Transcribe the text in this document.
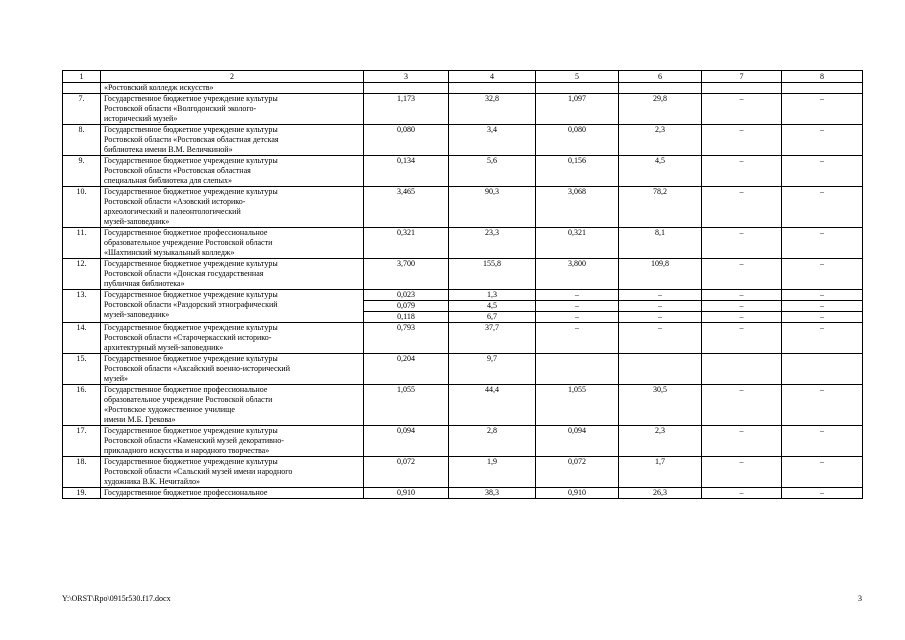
1	2	3	4	5	6	7	8

	«Ростовский колледж искусств»						

7.	Государственное бюджетное учреждение культуры
Ростовской области «Волгодонский эколого-
исторический музей»	1,173	32,8	1,097	29,8	–	–
8.	Государственное бюджетное учреждение культуры
Ростовской области «Ростовская областная детская
библиотека имени В.М. Величкиной»	0,080	3,4	0,080	2,3	–	–
9.	Государственное бюджетное учреждение культуры
Ростовской области «Ростовская областная
специальная библиотека для слепых»	0,134	5,6	0,156	4,5	–	–
10.	Государственное бюджетное учреждение культуры
Ростовской области «Азовский историко-
археологический и палеонтологический
музей-заповедник»	3,465	90,3	3,068	78,2	–	–
11.	Государственное бюджетное профессиональное
образовательное учреждение Ростовской области
«Шахтинский музыкальный колледж»	0,321	23,3	0,321	8,1	–	–
12.	Государственное бюджетное учреждение культуры
Ростовской области «Донская государственная
публичная библиотека»	3,700	155,8	3,800	109,8	–	–
13.	Государственное бюджетное учреждение культуры
Ростовской области «Раздорский этнографический
музей-заповедник»	0,023	1,3	–	–	–	–
		0,079	4,5	–	–	–	–
		0,118	6,7	–	–	–	–
14.	Государственное бюджетное учреждение культуры
Ростовской области «Старочеркасский историко-
архитектурный музей-заповедник»	0,793	37,7	–	–	–	–
15.	Государственное бюджетное учреждение культуры
Ростовской области «Аксайский военно-исторический
музей»	0,204	9,7				
16.	Государственное бюджетное профессиональное
образовательное учреждение Ростовской области
«Ростовское художественное училище
имени М.Б. Грекова»	1,055	44,4	1,055	30,5	–	–
17.	Государственное бюджетное учреждение культуры
Ростовской области «Каменский музей декоративно-
прикладного искусства и народного творчества»	0,094	2,8	0,094	2,3	–	–
18.	Государственное бюджетное учреждение культуры
Ростовской области «Сальский музей имени народного
художника В.К. Нечитайло»	0,072	1,9	0,072	1,7	–	–
19.	Государственное бюджетное профессиональное	0,910	38,3	0,910	26,3	–	–
Y:\ORST\Rpo\0915r530.f17.docx	3
